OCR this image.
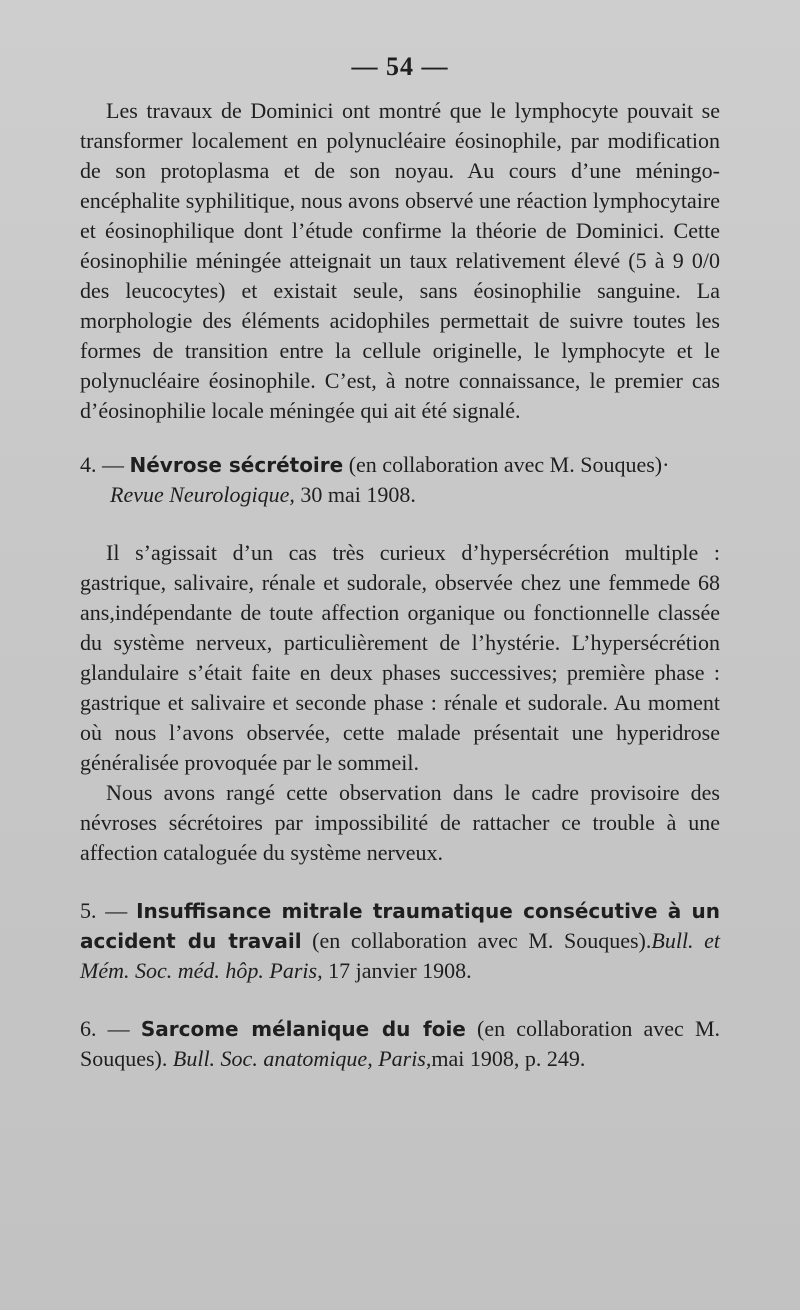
— 54 —

Les travaux de Dominici ont montré que le lymphocyte pouvait se transformer localement en polynucléaire éosinophile, par modification de son protoplasma et de son noyau. Au cours d’une méningo-encéphalite syphilitique, nous avons observé une réaction lymphocytaire et éosinophilique dont l’étude confirme la théorie de Dominici. Cette éosinophilie méningée atteignait un taux relativement élevé (5 à 9 0/0 des leucocytes) et existait seule, sans éosinophilie sanguine. La morphologie des éléments acidophiles permettait de suivre toutes les formes de transition entre la cellule originelle, le lymphocyte et le polynucléaire éosinophile. C’est, à notre connaissance, le premier cas d’éosinophilie locale méningée qui ait été signalé.

4. — Névrose sécrétoire (en collaboration avec M. Souques)·

Revue Neurologique, 30 mai 1908.

Il s’agissait d’un cas très curieux d’hypersécrétion multiple : gastrique, salivaire, rénale et sudorale, observée chez une femmede 68 ans,indépendante de toute affection organique ou fonctionnelle classée du système nerveux, particulièrement de l’hystérie. L’hypersécrétion glandulaire s’était faite en deux phases successives; première phase : gastrique et salivaire et seconde phase : rénale et sudorale. Au moment où nous l’avons observée, cette malade présentait une hyperidrose généralisée provoquée par le sommeil.

Nous avons rangé cette observation dans le cadre provisoire des névroses sécrétoires par impossibilité de rattacher ce trouble à une affection cataloguée du système nerveux.

5. — Insuffisance mitrale traumatique consécutive à un accident du travail (en collaboration avec M. Souques).Bull. et Mém. Soc. méd. hôp. Paris, 17 janvier 1908.

6. — Sarcome mélanique du foie (en collaboration avec M. Souques). Bull. Soc. anatomique, Paris,mai 1908, p. 249.
